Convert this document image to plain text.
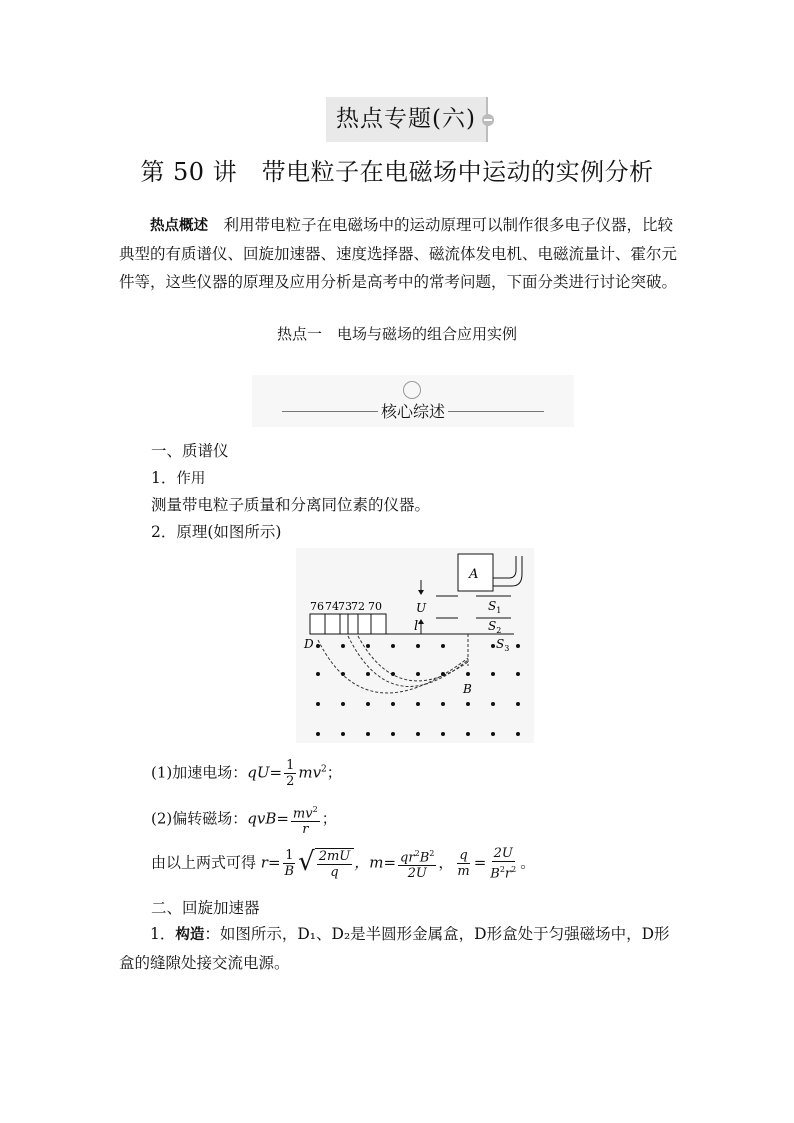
热点专题(六)
第 50 讲　带电粒子在电磁场中运动的实例分析
热点概述　利用带电粒子在电磁场中的运动原理可以制作很多电子仪器，比较典型的有质谱仪、回旋加速器、速度选择器、磁流体发电机、电磁流量计、霍尔元件等，这些仪器的原理及应用分析是高考中的常考问题，下面分类进行讨论突破。
热点一　电场与磁场的组合应用实例
核心综述
一、质谱仪
1．作用
测量带电粒子质量和分离同位素的仪器。
2．原理(如图所示)
A
U	$S_1$
$S_2$
$S_3$
76 74 73 72 70
l
D
B
(1)加速电场：$qU= \frac{1}{2} mv^2$；
(2)偏转磁场：$qvB= \frac{mv^2}{r}$ ；
由以上两式可得 $r= \frac{1}{B}$ √ $\frac{2mU}{q}$ ，$m= \frac{qr^2B^2}{2U}$ ， $\frac{q}{m} = \frac{2U}{B^2r^2}$ 。
二、回旋加速器
1．构造：如图所示，D₁、D₂是半圆形金属盒，D形盒处于匀强磁场中，D形盒的缝隙处接交流电源。
